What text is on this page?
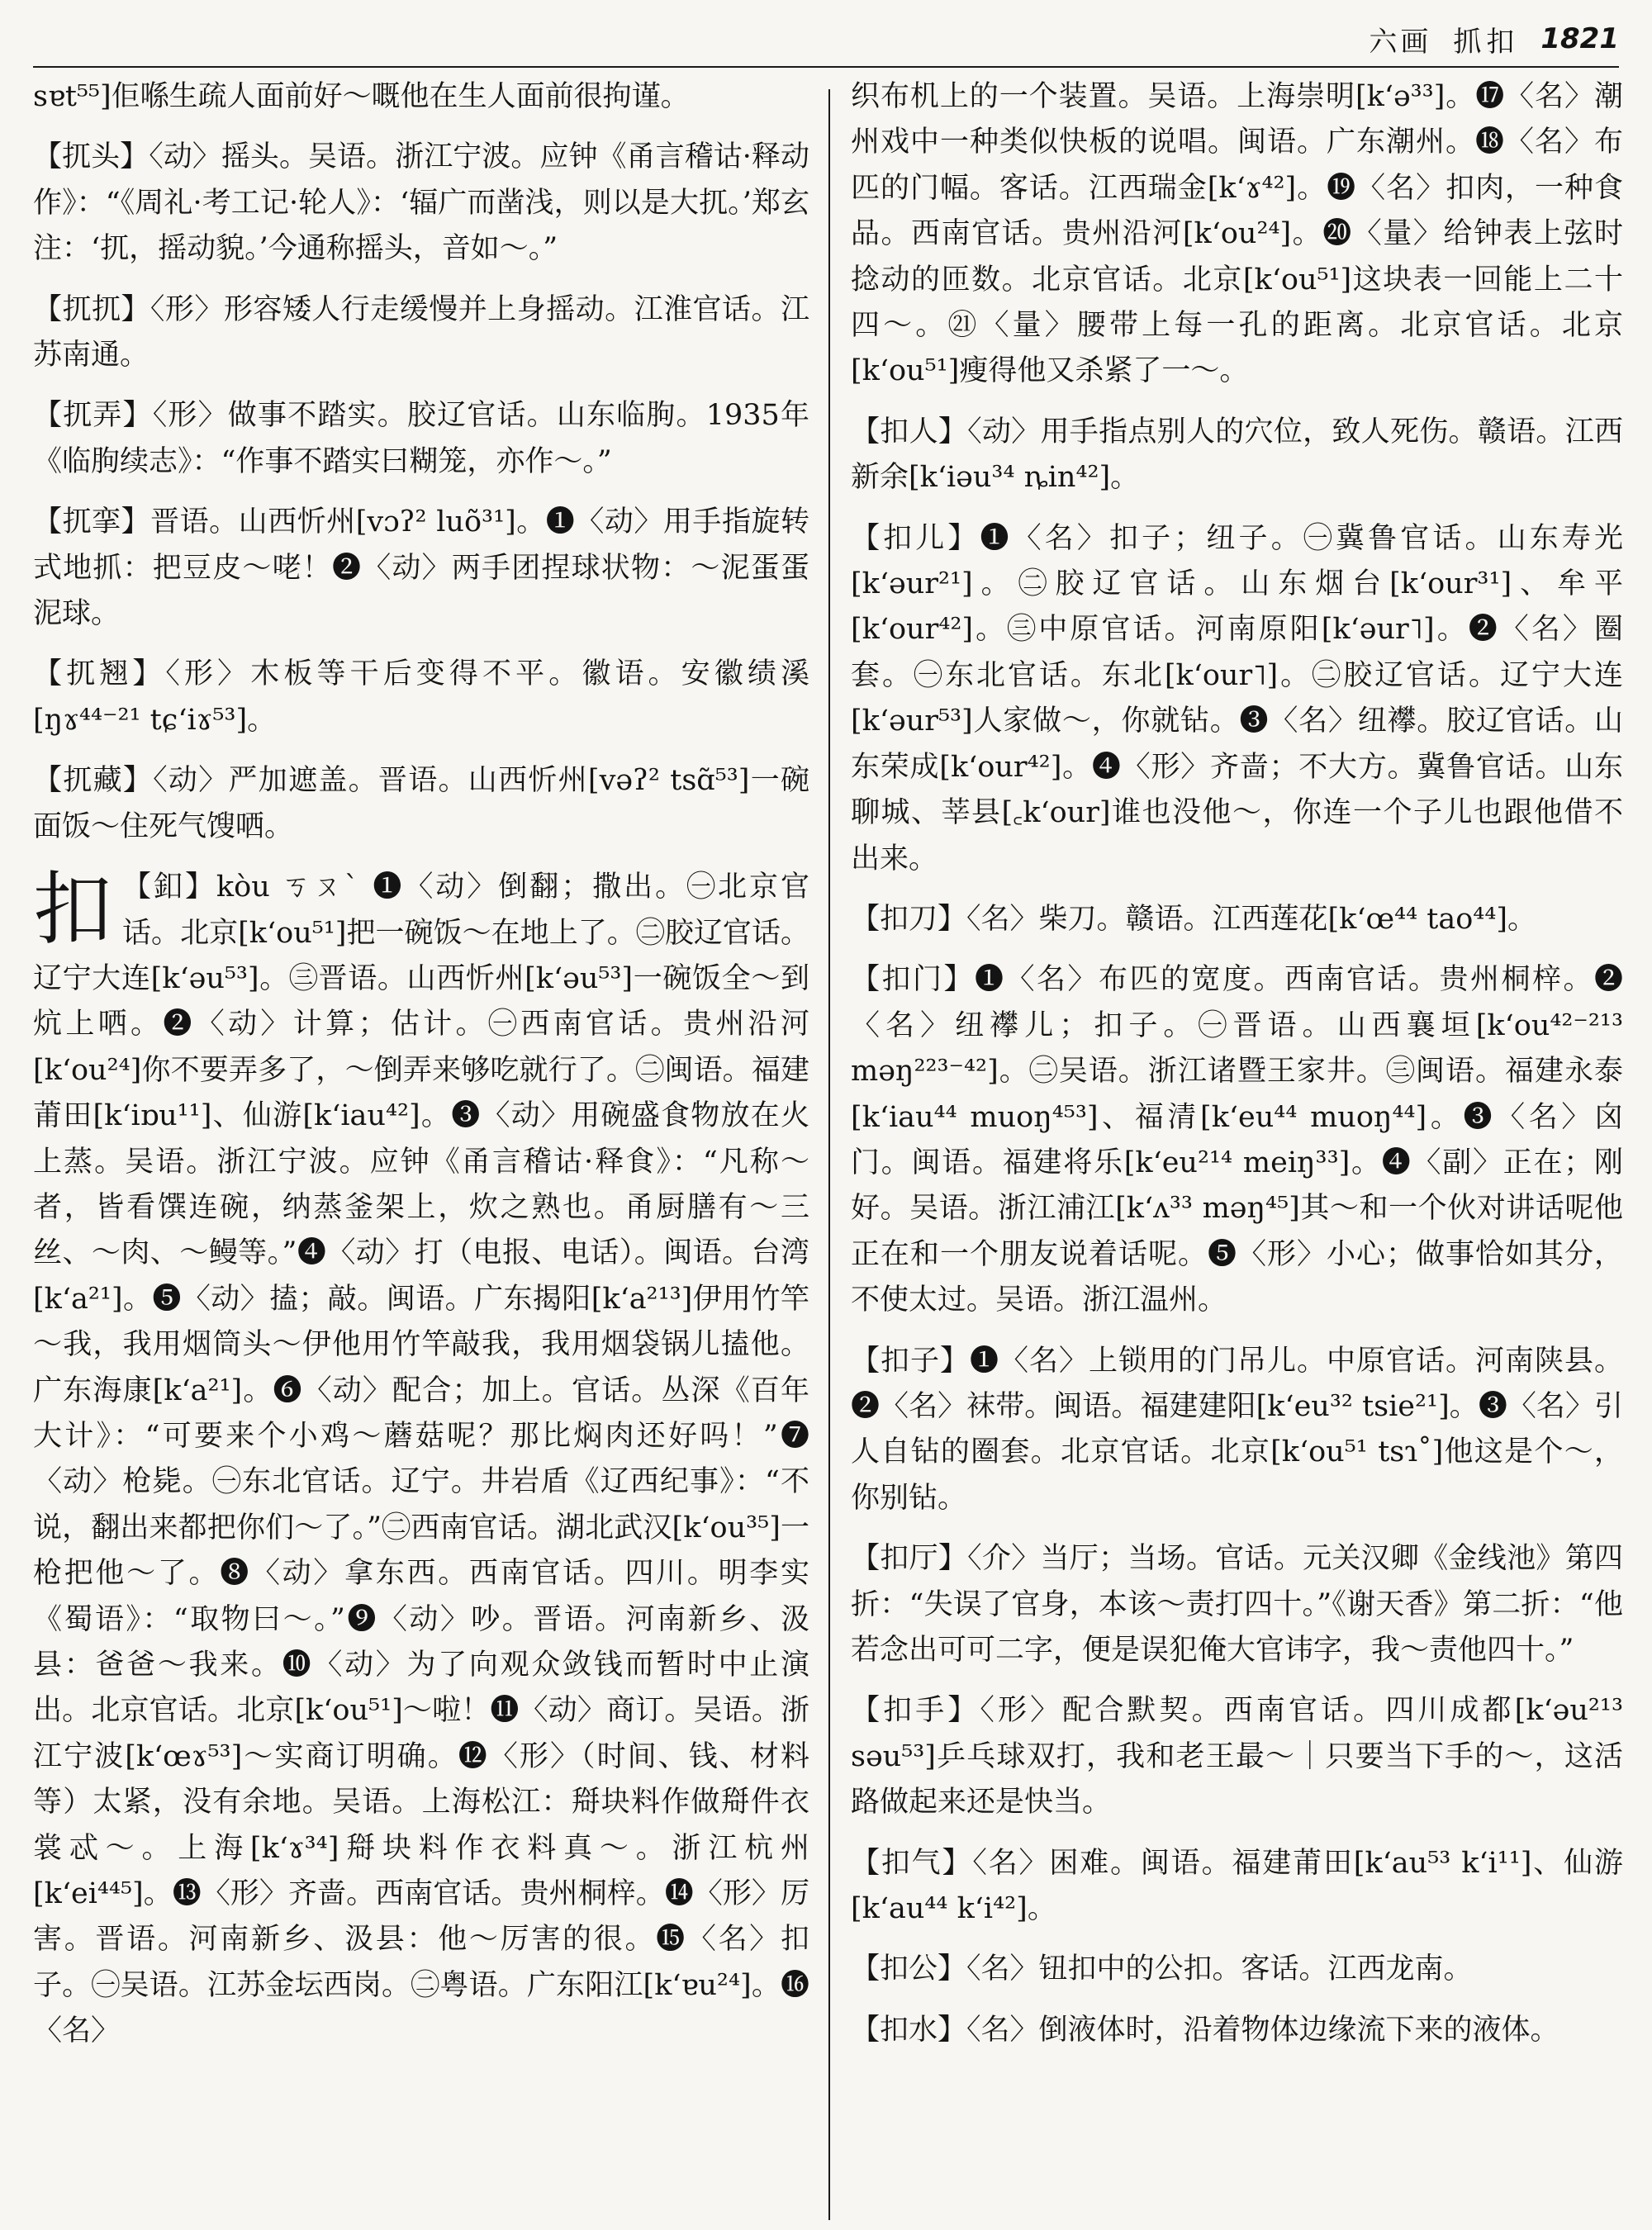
六画 抓扣 1821
sɐt⁵⁵]佢喺生疏人面前好～嘅他在生人面前很拘谨。
【扤头】〈动〉摇头。吴语。浙江宁波。应钟《甬言稽诂·释动作》：“《周礼·考工记·轮人》：‘辐广而凿浅，则以是大扤。’郑玄注：‘扤，摇动貌。’今通称摇头，音如～。”
【扤扤】〈形〉形容矮人行走缓慢并上身摇动。江淮官话。江苏南通。
【扤弄】〈形〉做事不踏实。胶辽官话。山东临朐。1935年《临朐续志》：“作事不踏实曰糊笼，亦作～。”
【扤挛】晋语。山西忻州[vɔʔ² luõ³¹]。❶〈动〉用手指旋转式地抓：把豆皮～咾！❷〈动〉两手团捏球状物：～泥蛋蛋泥球。
【扤翘】〈形〉木板等干后变得不平。徽语。安徽绩溪[ŋɤ⁴⁴⁻²¹ tɕʻiɤ⁵³]。
【扤藏】〈动〉严加遮盖。晋语。山西忻州[vəʔ² tsɑ̃⁵³]一碗面饭～住死气馊哂。
扣 【釦】kòu ㄎㄡˋ ❶〈动〉倒翻；撒出。㊀北京官话。北京[kʻou⁵¹]把一碗饭～在地上了。㊁胶辽官话。辽宁大连[kʻəu⁵³]。㊂晋语。山西忻州[kʻəu⁵³]一碗饭全～到炕上哂。❷〈动〉计算；估计。㊀西南官话。贵州沿河[kʻou²⁴]你不要弄多了，～倒弄来够吃就行了。㊁闽语。福建莆田[kʻiɒu¹¹]、仙游[kʻiau⁴²]。❸〈动〉用碗盛食物放在火上蒸。吴语。浙江宁波。应钟《甬言稽诂·释食》：“凡称～者，皆看馔连碗，纳蒸釜架上，炊之熟也。甬厨膳有～三丝、～肉、～鳗等。”❹〈动〉打（电报、电话）。闽语。台湾[kʻa²¹]。❺〈动〉搕；敲。闽语。广东揭阳[kʻa²¹³]伊用竹竿～我，我用烟筒头～伊他用竹竿敲我，我用烟袋锅儿搕他。广东海康[kʻa²¹]。❻〈动〉配合；加上。官话。丛深《百年大计》：“可要来个小鸡～蘑菇呢？那比焖肉还好吗！”❼〈动〉枪毙。㊀东北官话。辽宁。井岩盾《辽西纪事》：“不说，翻出来都把你们～了。”㊁西南官话。湖北武汉[kʻou³⁵]一枪把他～了。❽〈动〉拿东西。西南官话。四川。明李实《蜀语》：“取物曰～。”❾〈动〉吵。晋语。河南新乡、汲县：爸爸～我来。❿〈动〉为了向观众敛钱而暂时中止演出。北京官话。北京[kʻou⁵¹]～啦！⓫〈动〉商订。吴语。浙江宁波[kʻœɤ⁵³]～实商订明确。⓬〈形〉（时间、钱、材料等）太紧，没有余地。吴语。上海松江：搿块料作做搿件衣裳忒～。上海[kʻɤ³⁴]搿块料作衣料真～。浙江杭州[kʻei⁴⁴⁵]。⓭〈形〉齐啬。西南官话。贵州桐梓。⓮〈形〉厉害。晋语。河南新乡、汲县：他～厉害的很。⓯〈名〉扣子。㊀吴语。江苏金坛西岗。㊁粤语。广东阳江[kʻɐu²⁴]。⓰〈名〉
织布机上的一个装置。吴语。上海崇明[kʻə³³]。⓱〈名〉潮州戏中一种类似快板的说唱。闽语。广东潮州。⓲〈名〉布匹的门幅。客话。江西瑞金[kʻɤ⁴²]。⓳〈名〉扣肉，一种食品。西南官话。贵州沿河[kʻou²⁴]。⓴〈量〉给钟表上弦时捻动的匝数。北京官话。北京[kʻou⁵¹]这块表一回能上二十四～。㉑〈量〉腰带上每一孔的距离。北京官话。北京[kʻou⁵¹]瘦得他又杀紧了一～。
【扣人】〈动〉用手指点别人的穴位，致人死伤。赣语。江西新余[kʻiəu³⁴ ȵin⁴²]。
【扣儿】❶〈名〉扣子；纽子。㊀冀鲁官话。山东寿光[kʻəur²¹]。㊁胶辽官话。山东烟台[kʻour³¹]、牟平[kʻour⁴²]。㊂中原官话。河南原阳[kʻəur˥]。❷〈名〉圈套。㊀东北官话。东北[kʻour˥]。㊁胶辽官话。辽宁大连[kʻəur⁵³]人家做～，你就钻。❸〈名〉纽襻。胶辽官话。山东荣成[kʻour⁴²]。❹〈形〉齐啬；不大方。冀鲁官话。山东聊城、莘县[꜀kʻour]谁也没他～，你连一个子儿也跟他借不出来。
【扣刀】〈名〉柴刀。赣语。江西莲花[kʻœ⁴⁴ tao⁴⁴]。
【扣门】❶〈名〉布匹的宽度。西南官话。贵州桐梓。❷〈名〉纽襻儿；扣子。㊀晋语。山西襄垣[kʻou⁴²⁻²¹³ məŋ²²³⁻⁴²]。㊁吴语。浙江诸暨王家井。㊂闽语。福建永泰[kʻiau⁴⁴ muoŋ⁴⁵³]、福清[kʻeu⁴⁴ muoŋ⁴⁴]。❸〈名〉囟门。闽语。福建将乐[kʻeu²¹⁴ meiŋ³³]。❹〈副〉正在；刚好。吴语。浙江浦江[kʻʌ³³ məŋ⁴⁵]其～和一个伙对讲话呢他正在和一个朋友说着话呢。❺〈形〉小心；做事恰如其分，不使太过。吴语。浙江温州。
【扣子】❶〈名〉上锁用的门吊儿。中原官话。河南陕县。❷〈名〉袜带。闽语。福建建阳[kʻeu³² tsie²¹]。❸〈名〉引人自钻的圈套。北京官话。北京[kʻou⁵¹ tsɿ˚]他这是个～，你别钻。
【扣厅】〈介〉当厅；当场。官话。元关汉卿《金线池》第四折：“失误了官身，本该～责打四十。”《谢天香》第二折：“他若念出可可二字，便是误犯俺大官讳字，我～责他四十。”
【扣手】〈形〉配合默契。西南官话。四川成都[kʻəu²¹³ səu⁵³]乒乓球双打，我和老王最～｜只要当下手的～，这活路做起来还是快当。
【扣气】〈名〉困难。闽语。福建莆田[kʻau⁵³ kʻi¹¹]、仙游[kʻau⁴⁴ kʻi⁴²]。
【扣公】〈名〉钮扣中的公扣。客话。江西龙南。
【扣水】〈名〉倒液体时，沿着物体边缘流下来的液体。
